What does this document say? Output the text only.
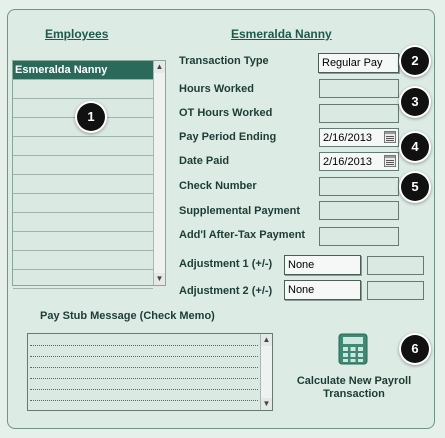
Employees	Esmeralda Nanny
Esmeralda Nanny	▲
▼
Transaction Type	Regular Pay
Hours Worked
OT Hours Worked
Pay Period Ending	2/16/2013
Date Paid	2/16/2013
Check Number
Supplemental Payment
Add'l After-Tax Payment
Adjustment 1 (+/-)	None
Adjustment 2 (+/-)	None
Pay Stub Message (Check Memo)
▲
▼
Calculate New Payroll
Transaction
1
2
3
4
5
6
